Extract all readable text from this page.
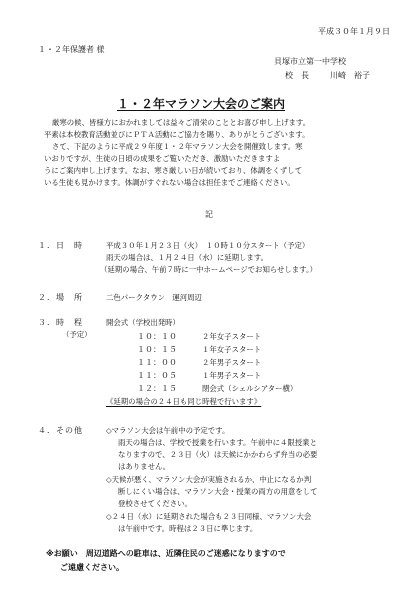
平成３０年１月９日
１・２年保護者 様
貝塚市立第一中学校
校　長	川崎　裕子
１・２年マラソン大会のご案内
厳寒の候、皆様方におかれましては益々ご清栄のこととお喜び申し上げます。
平素は本校教育活動並びにＰＴＡ活動にご協力を賜り、ありがとうございます。
さて、下記のように平成２９年度１・２年マラソン大会を開催致します。寒
いおりですが、生徒の日頃の成果をご覧いただき、激励いただきますよ
うにご案内申し上げます。なお、寒さ厳しい日が続いており、体調をくずして
いる生徒も見かけます。体調がすぐれない場合は担任までご連絡ください。
記
１．日　時	平成３０年１月２３日（火）　１０時１０分スタート（予定）
雨天の場合は、１月２４日（水）に延期します。
（延期の場合、午前７時に一中ホームページでお知らせします。）
２．場　所	二色パークタウン　運河周辺
３．時　程
（予定）
開会式（学校出発時）
１０：１０	２年女子スタート
１０：１５	１年女子スタート
１１：００	２年男子スタート
１１：０５	１年男子スタート
１２：１５	閉会式（シェルシアター横）
《延期の場合の２４日も同じ時程で行います》
４．その他	◇マラソン大会は午前中の予定です。
雨天の場合は、学校で授業を行います。午前中に４限授業と
なりますので、２３日（火）は天候にかかわらず弁当の必要
はありません。
◇天候が悪く、マラソン大会が実施されるか、中止になるか判
断しにくい場合は、マラソン大会・授業の両方の用意をして
登校させてください。
◇２４日（水）に延期された場合も２３日同様、マラソン大会
は午前中です。時程は２３日に準じます。
※お願い　周辺道路への駐車は、近隣住民のご迷惑になりますので
ご遠慮ください。
